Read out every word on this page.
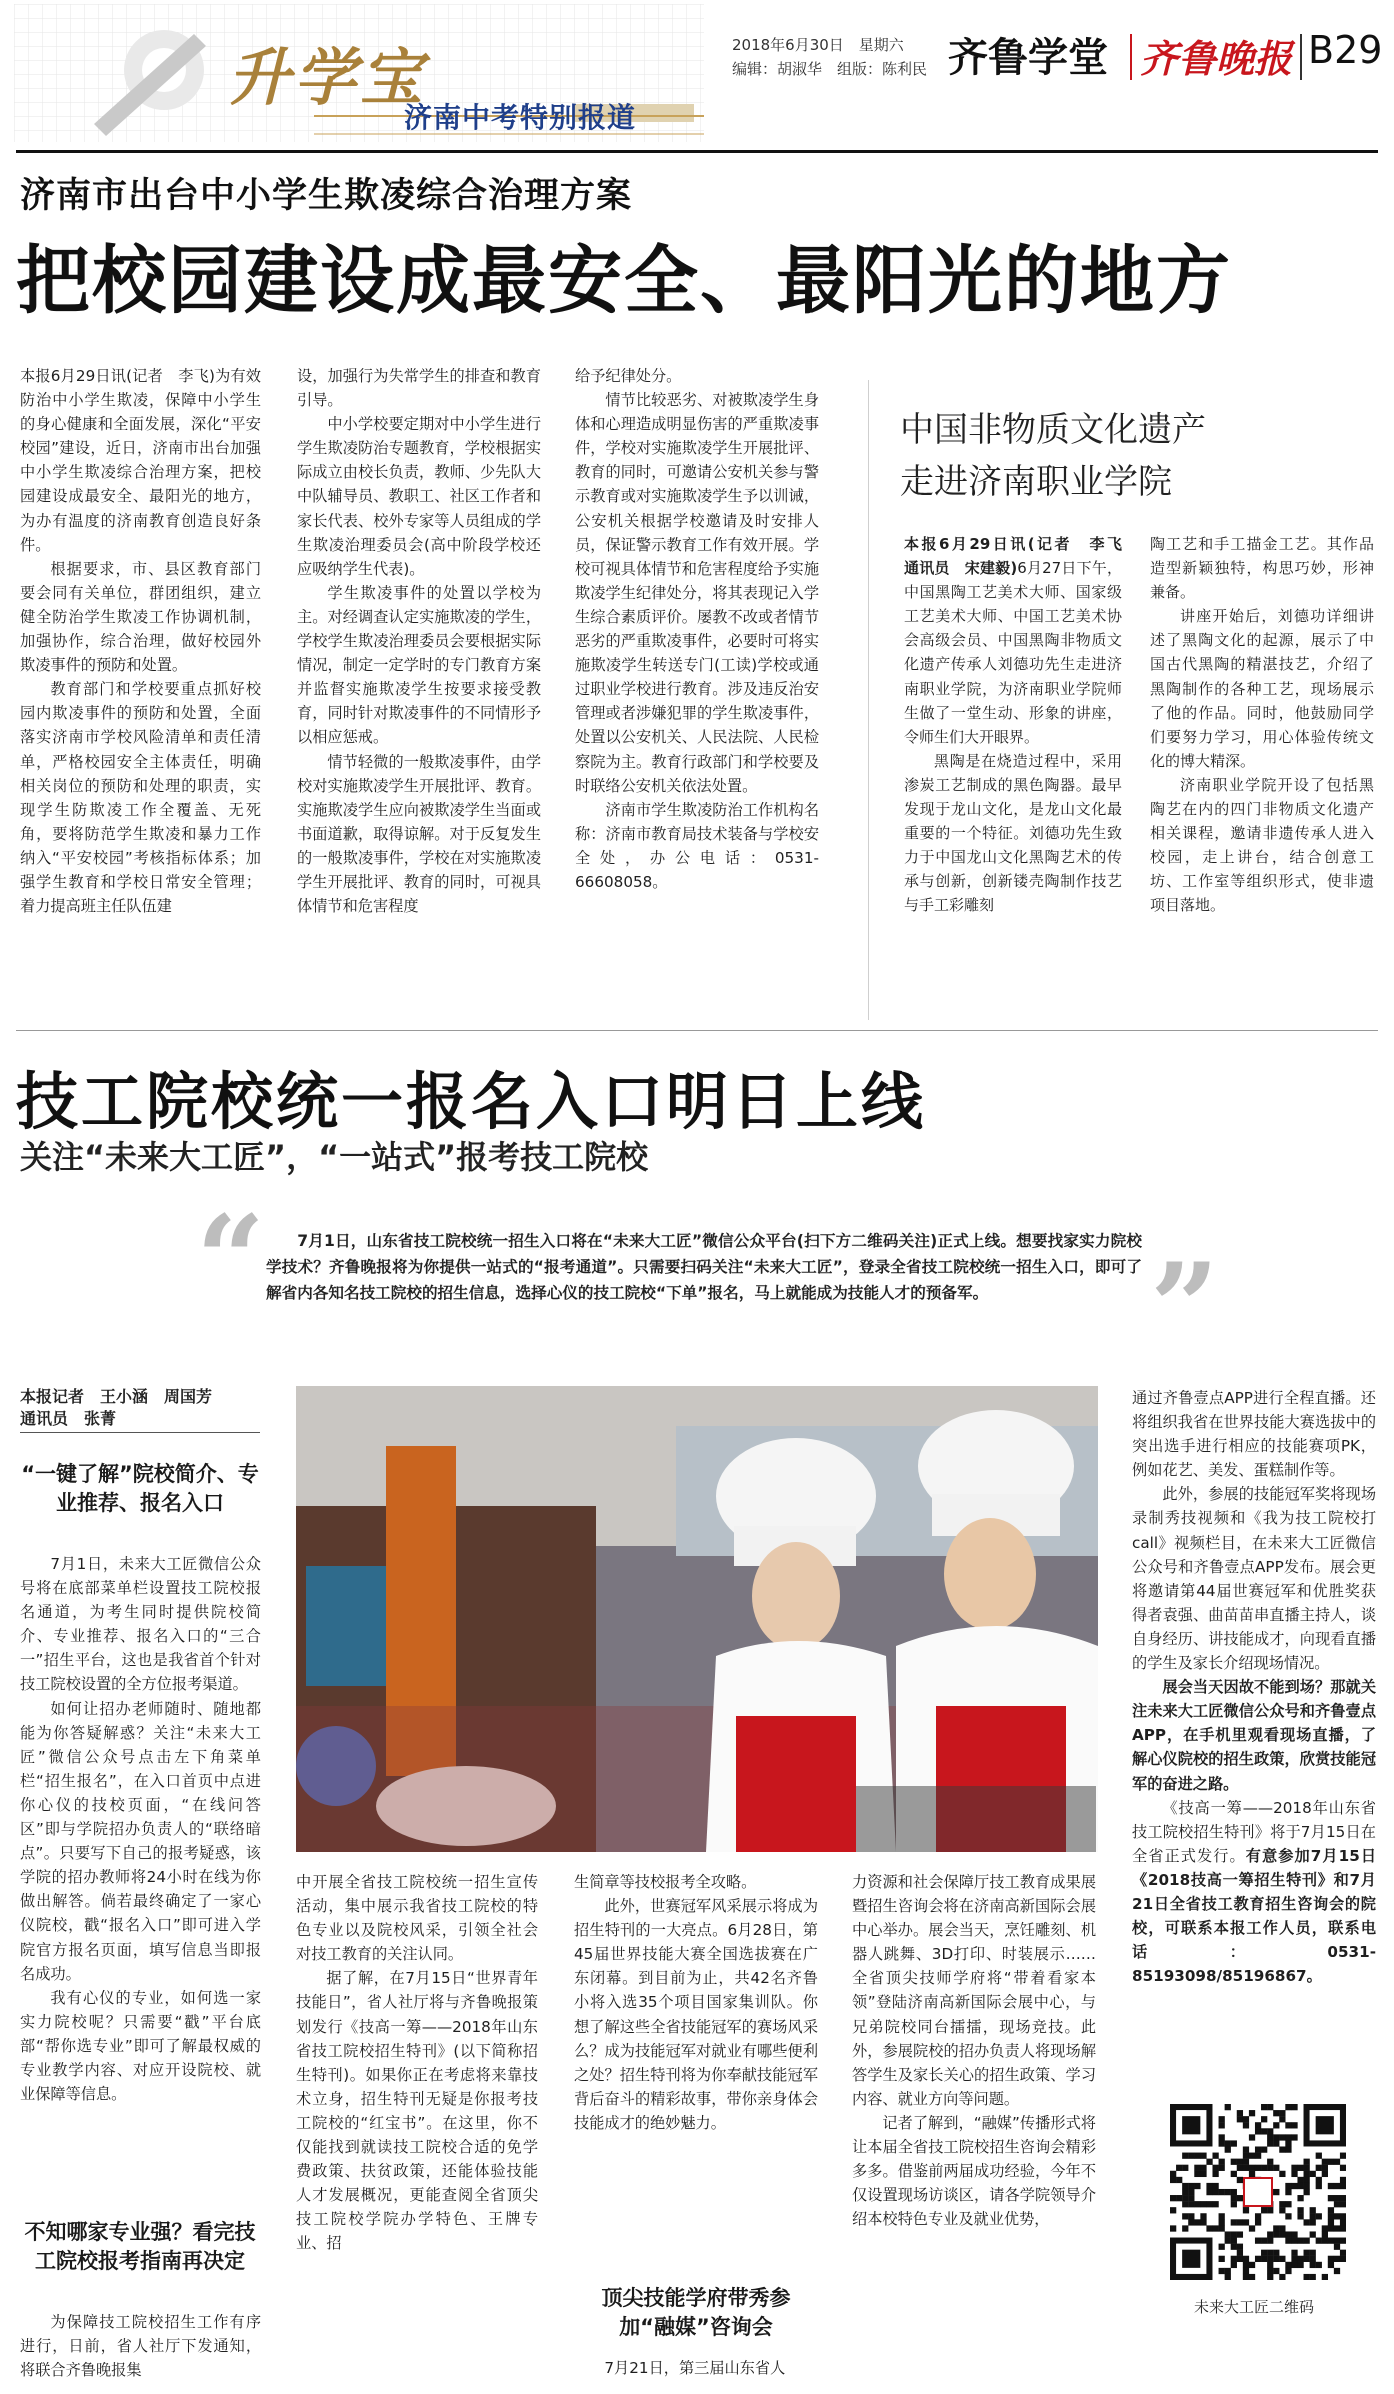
升学宝
济南中考特别报道
2018年6月30日　星期六
编辑：胡淑华　组版：陈利民 齐鲁学堂 齐鲁晚报 B29
济南市出台中小学生欺凌综合治理方案
把校园建设成最安全、最阳光的地方

本报6月29日讯(记者　李飞)为有效防治中小学生欺凌，保障中小学生的身心健康和全面发展，深化“平安校园”建设，近日，济南市出台加强中小学生欺凌综合治理方案，把校园建设成最安全、最阳光的地方，为办有温度的济南教育创造良好条件。

根据要求，市、县区教育部门要会同有关单位，群团组织，建立健全防治学生欺凌工作协调机制，加强协作，综合治理，做好校园外欺凌事件的预防和处置。

教育部门和学校要重点抓好校园内欺凌事件的预防和处置，全面落实济南市学校风险清单和责任清单，严格校园安全主体责任，明确相关岗位的预防和处理的职责，实现学生防欺凌工作全覆盖、无死角，要将防范学生欺凌和暴力工作纳入“平安校园”考核指标体系；加强学生教育和学校日常安全管理；着力提高班主任队伍建

设，加强行为失常学生的排查和教育引导。

中小学校要定期对中小学生进行学生欺凌防治专题教育，学校根据实际成立由校长负责，教师、少先队大中队辅导员、教职工、社区工作者和家长代表、校外专家等人员组成的学生欺凌治理委员会(高中阶段学校还应吸纳学生代表)。

学生欺凌事件的处置以学校为主。对经调查认定实施欺凌的学生，学校学生欺凌治理委员会要根据实际情况，制定一定学时的专门教育方案并监督实施欺凌学生按要求接受教育，同时针对欺凌事件的不同情形予以相应惩戒。

情节轻微的一般欺凌事件，由学校对实施欺凌学生开展批评、教育。实施欺凌学生应向被欺凌学生当面或书面道歉，取得谅解。对于反复发生的一般欺凌事件，学校在对实施欺凌学生开展批评、教育的同时，可视具体情节和危害程度

给予纪律处分。

情节比较恶劣、对被欺凌学生身体和心理造成明显伤害的严重欺凌事件，学校对实施欺凌学生开展批评、教育的同时，可邀请公安机关参与警示教育或对实施欺凌学生予以训诫，公安机关根据学校邀请及时安排人员，保证警示教育工作有效开展。学校可视具体情节和危害程度给予实施欺凌学生纪律处分，将其表现记入学生综合素质评价。屡教不改或者情节恶劣的严重欺凌事件，必要时可将实施欺凌学生转送专门(工读)学校或通过职业学校进行教育。涉及违反治安管理或者涉嫌犯罪的学生欺凌事件，处置以公安机关、人民法院、人民检察院为主。教育行政部门和学校要及时联络公安机关依法处置。

济南市学生欺凌防治工作机构名称：济南市教育局技术装备与学校安全处，办公电话：0531-66608058。

中国非物质文化遗产
走进济南职业学院

本报6月29日讯(记者　李飞　通讯员　宋建毅)6月27日下午，中国黑陶工艺美术大师、国家级工艺美术大师、中国工艺美术协会高级会员、中国黑陶非物质文化遗产传承人刘德功先生走进济南职业学院，为济南职业学院师生做了一堂生动、形象的讲座，令师生们大开眼界。

黑陶是在烧造过程中，采用渗炭工艺制成的黑色陶器。最早发现于龙山文化，是龙山文化最重要的一个特征。刘德功先生致力于中国龙山文化黑陶艺术的传承与创新，创新镂壳陶制作技艺与手工彩雕刻

陶工艺和手工描金工艺。其作品造型新颖独特，构思巧妙，形神兼备。

讲座开始后，刘德功详细讲述了黑陶文化的起源，展示了中国古代黑陶的精湛技艺，介绍了黑陶制作的各种工艺，现场展示了他的作品。同时，他鼓励同学们要努力学习，用心体验传统文化的博大精深。

济南职业学院开设了包括黑陶艺在内的四门非物质文化遗产相关课程，邀请非遗传承人进入校园，走上讲台，结合创意工坊、工作室等组织形式，使非遗项目落地。

技工院校统一报名入口明日上线
关注“未来大工匠”，“一站式”报考技工院校
“	”
7月1日，山东省技工院校统一招生入口将在“未来大工匠”微信公众平台(扫下方二维码关注)正式上线。想要找家实力院校学技术？齐鲁晚报将为你提供一站式的“报考通道”。只需要扫码关注“未来大工匠”，登录全省技工院校统一招生入口，即可了解省内各知名技工院校的招生信息，选择心仪的技工院校“下单”报名，马上就能成为技能人才的预备军。
本报记者　王小涵　周国芳
通讯员　张菁
“一键了解”院校简介、专业推荐、报名入口

7月1日，未来大工匠微信公众号将在底部菜单栏设置技工院校报名通道，为考生同时提供院校简介、专业推荐、报名入口的“三合一”招生平台，这也是我省首个针对技工院校设置的全方位报考渠道。

如何让招办老师随时、随地都能为你答疑解惑？关注“未来大工匠”微信公众号点击左下角菜单栏“招生报名”，在入口首页中点进你心仪的技校页面，“在线问答区”即与学院招办负责人的“联络暗点”。只要写下自己的报考疑惑，该学院的招办教师将24小时在线为你做出解答。倘若最终确定了一家心仪院校，戳“报名入口”即可进入学院官方报名页面，填写信息当即报名成功。

我有心仪的专业，如何选一家实力院校呢？只需要“戳”平台底部“帮你选专业”即可了解最权威的专业教学内容、对应开设院校、就业保障等信息。

不知哪家专业强？看完技工院校报考指南再决定

为保障技工院校招生工作有序进行，日前，省人社厅下发通知，将联合齐鲁晚报集

中开展全省技工院校统一招生宣传活动，集中展示我省技工院校的特色专业以及院校风采，引领全社会对技工教育的关注认同。

据了解，在7月15日“世界青年技能日”，省人社厅将与齐鲁晚报策划发行《技高一筹——2018年山东省技工院校招生特刊》(以下简称招生特刊)。如果你正在考虑将来靠技术立身，招生特刊无疑是你报考技工院校的“红宝书”。在这里，你不仅能找到就读技工院校合适的免学费政策、扶贫政策，还能体验技能人才发展概况，更能查阅全省顶尖技工院校学院办学特色、王牌专业、招

生简章等技校报考全攻略。

此外，世赛冠军风采展示将成为招生特刊的一大亮点。6月28日，第45届世界技能大赛全国选拔赛在广东闭幕。到目前为止，共42名齐鲁小将入选35个项目国家集训队。你想了解这些全省技能冠军的赛场风采么？成为技能冠军对就业有哪些便利之处？招生特刊将为你奉献技能冠军背后奋斗的精彩故事，带你亲身体会技能成才的绝妙魅力。

顶尖技能学府带秀参加“融媒”咨询会

7月21日，第三届山东省人

力资源和社会保障厅技工教育成果展暨招生咨询会将在济南高新国际会展中心举办。展会当天，烹饪雕刻、机器人跳舞、3D打印、时装展示……全省顶尖技师学府将“带着看家本领”登陆济南高新国际会展中心，与兄弟院校同台擂擂，现场竞技。此外，参展院校的招办负责人将现场解答学生及家长关心的招生政策、学习内容、就业方向等问题。

记者了解到，“融媒”传播形式将让本届全省技工院校招生咨询会精彩多多。借鉴前两届成功经验，今年不仅设置现场访谈区，请各学院领导介绍本校特色专业及就业优势，

通过齐鲁壹点APP进行全程直播。还将组织我省在世界技能大赛选拔中的突出选手进行相应的技能赛项PK，例如花艺、美发、蛋糕制作等。

此外，参展的技能冠军奖将现场录制秀技视频和《我为技工院校打call》视频栏目，在未来大工匠微信公众号和齐鲁壹点APP发布。展会更将邀请第44届世赛冠军和优胜奖获得者袁强、曲苗苗串直播主持人，谈自身经历、讲技能成才，向现看直播的学生及家长介绍现场情况。

展会当天因故不能到场？那就关注未来大工匠微信公众号和齐鲁壹点APP，在手机里观看现场直播，了解心仪院校的招生政策，欣赏技能冠军的奋进之路。

《技高一筹——2018年山东省技工院校招生特刊》将于7月15日在全省正式发行。有意参加7月15日《2018技高一筹招生特刊》和7月21日全省技工教育招生咨询会的院校，可联系本报工作人员，联系电话：0531-85193098/85196867。

未来大工匠二维码
